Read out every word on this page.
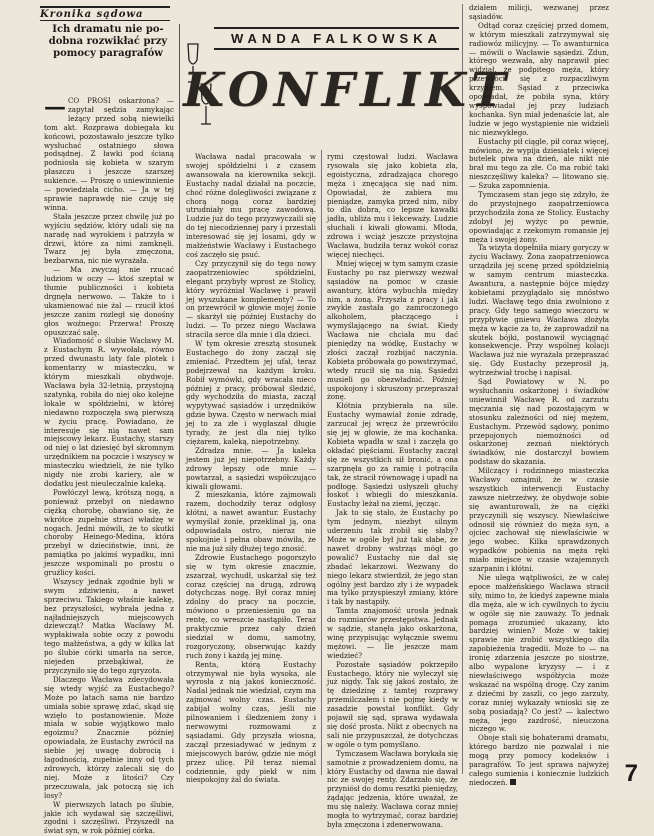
Kronika sądowa
Ich dramatu nie po-
dobna rozwikłać przy
pomocy paragrafów
WANDA FALKOWSKA
KONFLIKT

— CO PROSI oskarżona? — zapytał sędzia zamykając leżący przed sobą niewielki tom akt. Rozprawa dobiegała ku końcowi, pozostawało jeszcze tylko wysłuchać ostatniego słowa podsądnej. Z ławki pod ścianą podniosła się kobieta w szarym płaszczu i jeszcze szarszej sukience. — Proszę o uniewinnienie — powiedziała cicho. — Ja w tej sprawie naprawdę nie czuję się winna.

Stała jeszcze przez chwilę już po wyjściu sędziów, który udali się na naradę nad wyrokiem i patrzyła w drzwi, które za nimi zamknęli. Twarz jej była zmęczona, bezbarwna, nic nie wyrażała.

— Ma zwyczaj nie rzucać ludziom w oczy — ktoś szeptał w tłumie publiczności i kobieta drgnęła nerwowo. — Także to i ukamienować nie żal — rzucił ktoś jeszcze zanim rozległ się donośny głos woźnego: Przerwa! Proszę opuszczać salę.

Wiadomość o ślubie Wacławy M. z Eustachym R. wywołała, równo przed dwunastu laty fale plotek i komentarzy w miasteczku, w którym mieszkali obydwoje. Wacława była 32-letnią, przystojną szatynką, robiła do niej oko kolejne lokale w spółdzielni, w której niedawno rozpoczęła swą pierwszą w życiu pracę. Powiadano, że interesuje się nią nawet sam miejscowy lekarz. Eustachy, starszy od niej o lat dziesięć był skromnym urzędnikiem na poczcie i wszyscy w miasteczku wiedzieli, że nie tylko nigdy nie zrobi kariery, ale w dodatku jest nieuleczalnie kaleką.

Powłóczył lewą, krótszą nogą, a ponieważ przebył on niedawno ciężką chorobę, obawiano się, że wkrótce zupełnie straci władzę w nogach. Jedni mówili, że to skutki choroby Heinego-Medina, która przebył w dzieciństwie, inni, że pamiątka po jakimś wypadku, inni jeszcze wspominali po prostu o gruźlicy kości.

Wszyscy jednak zgodnie byli w swym zdziwieniu, a nawet sprzeciwu. Takiego właśnie kalekę, bez przyszłości, wybrała jedna z najładniejszych miejscowych dziewcząt? Matka Wacławy M. wypłakiwała sobie oczy z powodu tego małżeństwa, a gdy w kilka lat po ślubie córki umarła na serce, niejeden przebąkiwał, że przyczyniło się do tego zgryzota.

Dlaczego Wacława zdecydowała się wtedy wyjść za Eustachego? Może po latach sama nie bardzo umiała sobie sprawę zdać, skąd się wzięło to postanowienie. Może miała w sobie wyjątkowo mało egoizmu? Znacznie później opowiadała, że Eustachy zwrócił na siebie jej uwagę dobrocią i łagodnością, zupełnie inny od tych zdrowych, którzy zalecali się do niej. Może z litości? Czy przeczuwała, jak potoczą się ich losy?

W pierwszych latach po ślubie, jakie ich wydawał się szczęśliwi, zgodni i szczęśliwi. Przyszedł na świat syn, w rok później córka.

Wacława nadal pracowała w swojej spółdzielni i z czasem awansowała na kierownika sekcji. Eustachy nadal działał na poczcie, choć różne dolegliwości związane z chorą nogą coraz bardziej utrudniały mu pracę zawodową. Ludzie już do tego przyzwyczaili się do tej niecodziennej pary i przestali interesować się jej losami, gdy w małżeństwie Wacławy i Eustachego coś zaczęło się psuć.

Czy przyczynił się do tego nowy zaopatrzeniowiec spółdzielni, elegant przybyły wprost ze Stolicy, który wyróżniał Wacławę i prawił jej wyszukane komplementy? — To on przewrócił w głowie mojej żonie — skarżył się później Eustachy do ludzi. — To przez niego Wacława stracila serce dla mnie i dla dzieci.

W tym okresie zresztą stosunek Eustachego do żony zaczął się zmieniać. Przedtem jej ufał, teraz podejrzewał na każdym kroku. Robił wymówki, gdy wracała nieco później z pracy, próbował śledzić, gdy wychodziła do miasta, zaczął wypytywać sąsiadów i urzędników gdzie bywa. Często w nerwach miał jej to za złe i wygłaszał długie tyrady, że jest dla niej tylko ciężarem, kaleką, niepotrzebny.

Zdradza mnie. — Ja kaleka jestem już jej niepotrzebny. Każdy zdrowy lepszy ode mnie — powtarzał, a sąsiedzi współczująco kiwali głowami.

Z mieszkania, które zajmowali razem, dochodziły teraz odgłosy kłótni, a nawet awantur. Eustachy wymyślał żonie, przeklinał ją, ona odpowiadała ostro, nieraz nie spokojnie i pełna obaw mówiła, że nie ma już siły dłużej tego znosić.

Zdrowie Eustachego pogorszyło się w tym okresie znacznie, zszarzał, wychudł, uskarżał się też coraz częściej na drugą, zdrową dotychczas nogę. Był coraz mniej zdolny do pracy na poczcie, mówiono o przeniesieniu go na rentę, co wreszcie nastąpiło. Teraz praktycznie przez cały dzień siedział w domu, samotny, rozgoryczony, obserwując każdy ruch żony i każdą jej minę.

Renta, którą Eustachy otrzymywał nie była wysoka, ale wyrosła z nią jakoś konieczność. Nadal jednak nie wiedział, czym ma zajmować wolny czas. Eustachy zabijał wolny czas, jeśli nie pilnowaniem i śledzeniem żony i nerwowymi rozmowami z sąsiadami. Gdy przyszła wiosna, zaczął przesiadywać w jednym z miejscowych barów, gdzie nie mógł przez ulicę. Pił teraz niemal codziennie, gdy piekł w nim niespokojny żal do świata.

rymi częstował ludzi. Wacława rysowała się jako kobieta zła, egoistyczna, zdradzająca chorego męża i znęcająca się nad nim. Opowiadał, że zabiera mu pieniądze, zamyka przed nim, niby to dla dobra, co lepsze kawałki jadła, ubliża mu i lekceważy. Ludzie słuchali i kiwali głowami. Młoda, zdrowa i wciąż jeszcze przystojna Wacława, budziła teraz wokół coraz więcej niechęci.

Mniej więcej w tym samym czasie Eustachy po raz pierwszy wezwał sąsiadów na pomoc w czasie awantury, która wybuchła między nim, a żoną. Przyszła z pracy i jak zwykle zastała go zamroczonego alkoholem, płaczącego i wymyślającego na świat. Kiedy Wacława nie chciała mu dać pieniędzy na wódkę, Eustachy w złości zaczął rozbijać naczynia. Kobieta próbowała go powstrzymać, wtedy rzucił się na nią. Sąsiedzi musieli go obezwładnić. Później uspokojony i skruszony przepraszał żonę.

Kłótnia przybierała na sile. Eustachy wymawiał żonie zdradę, zarzucał jej wręcz że przewróciło się jej w głowie, że ma kochanka. Kobieta wpadła w szał i zaczęła go okładać pięściami. Eustachy zaczął się ze wszystkich sił bronić, a ona szarpnęła go za ramię i potrąciła tak, że stracił równowagę i upadł na podłogę. Sąsiedzi usłyszeli głuchy łoskot i wbiegli do mieszkania. Eustachy leżał na ziemi, jęcząc.

Jak to się stało, że Eustachy po tym jednym, niezbyt silnym uderzeniu tak zrobił się słaby? Może w ogóle był już tak słabe, że nawet drobny wstrząs mógł go powalić? Eustachy nie dał się zbadać lekarzowi. Wezwany do niego lekarz stwierdził, że jego stan ogólny jest bardzo zły i że wypadek ma tylko przyspieszył zmiany, które i tak by nastąpiły.

Tamta znajomość urosła jednak do rozmiarów przestępstwa. Jednak w sądzie, stanęła jako oskarżona, winę przypisując wyłącznie swemu mężowi. — Ile jeszcze mam wiedzieć?

Pozostałe sąsiadów pokrzepiło Eustachego, który nie wyleczył się już nigdy. Tak się jakoś zostało, że tę dziedzinę z tamtej rozprawy przemilczałem i nie pojmę kiedy w zasadzie powstał konflikt. Gdy pojawił się sąd, sprawa wydawała się dość prosta. Nikt z obecnych na sali nie przypuszczał, że dotychczas w ogóle o tym pomyślano.

Tymczasem Wacława borykała się samotnie z prowadzeniem domu, na który Eustachy od dawna nie dawał nic ze swojej renty. Zdarzało się, że przyniósł do domu resztki pieniędzy, żądając jedzenia, które uważał, że mu się należy. Wacława coraz mniej mogła to wytrzymać, coraz bardziej była zmęczona i zdenerwowana.

działem milicji, wezwanej przez sąsiadów.

Odtąd coraz częściej przed domem, w którym mieszkali zatrzymywał się radiowóz milicyjny. — To awanturnica — mówili o Wacławie sąsiedzi. Zdun, którego wezwała, aby naprawił piec widział, że podpitego męża, który przewrócił się z rozpaczliwym krzykiem. Sąsiad z przeciwka opowiadał, że pobiła syna, który wyspowiadał jej przy ludziach kochanka. Syn miał jedenaście lat, ale ludzie w jego wystąpienie nie widzieli nic niezwykłego.

Eustachy pił ciągle, pił coraz więcej, mówiono, że wypija dziesiątek i więcej butelek piwa na dzień, ale nikt nie brał mu tego za złe. Co ma robić taki nieszczęśliwy kaleka? — litowano się. — Szuka zapomnienia.

Tymczasem stan jego się zdzyło, że do przystojnego zaopatrzeniowca przychodziła żona ze Stolicy. Eustachy zdobył jej wyżyc po pewnie, opowiadając z rzekomym romansie jej męża i swojej żony.

Ta wizyta dopełniła miary goryczy w życiu Wacławy. Żona zaopatrzeniowca urządziła jej scenę przed spółdzielnią w samym centrum miasteczka. Awantura, a następnie bójce między kobietami przyglądało się mnóstwo ludzi. Wacławę tego dnia zwolniono z pracy. Gdy tego samego wieczoru w przypływie gniewu Wacława złożyła męża w kącie za to, że zaprowadził na skutek bójki, postanowił wyciągnąć konsekwencje. Przy wspólnej kolacji Wacława już nie wyrażała przepraszać się. Gdy Eustachy przeprosił ją, wytrzeźwiał trochę i napisał.

Sąd Powiatowy w N. po wysłuchaniu oskarżonej i świadków uniewinnił Wacławę R. od zarzutu męczania się nad pozostającym w stosunku zależności od niej mężem, Eustachym. Przewód sądowy, ponimo przepojonych niemożności od oskarżonej zeznań niektórych świadków, nie dostarczył bowiem podstaw do skazania.

Milczący i rodzinnego miasteczka Wacławy oznajmił, że w czasie wszystkich interwencji Eustachy zawsze nietrzeźwy, że obydwoje sobie się awanturowali, że na ciężki przyczynili się wszyscy. Niewłaściwe odnosił się również do męża syn, a ojciec zachował się niewłaściwie w jego wobec. Kilka sprawdzonych wypadków pobienia na męża ręki miało miejsce w czasie wzajemnych szarpanin i kłótni.

Nie ulega wątpliwości, że w całej epoce małżeńskiego Wacława stracił siły, mimo to, że kiedyś zapewne miała dla męża, ale w ich cywilnych to życiu w ogóle się nie zauważy. To jednak pomaga zrozumieć ukazany, kto bardziej winien? Może w takiej sprawie nie zrobić wszystkiego dla zapobieżenia tragedii. Może to — na ironię zdarzenia jeszcze po siostrze, albo wypalone kryzysy — i z niewłaściwego współżycia może wskazać na wspólną drogę. Czy zanim z dziećmi by zaszli, co jego zarzuty, coraz mniej wykazały wnioski się ze sobą posiadają? Co jest? — kalectwo męża, jego zazdrość, nieuczona niczego w.

Oboje stali się bohaterami dramatu, którego bardzo nie pozwalał i nie mogą przy pomocy kodeksów i paragrafów. To jest sprawa najwyżej całego sumienia i koniecznie ludzkich niedoczeń.	7
